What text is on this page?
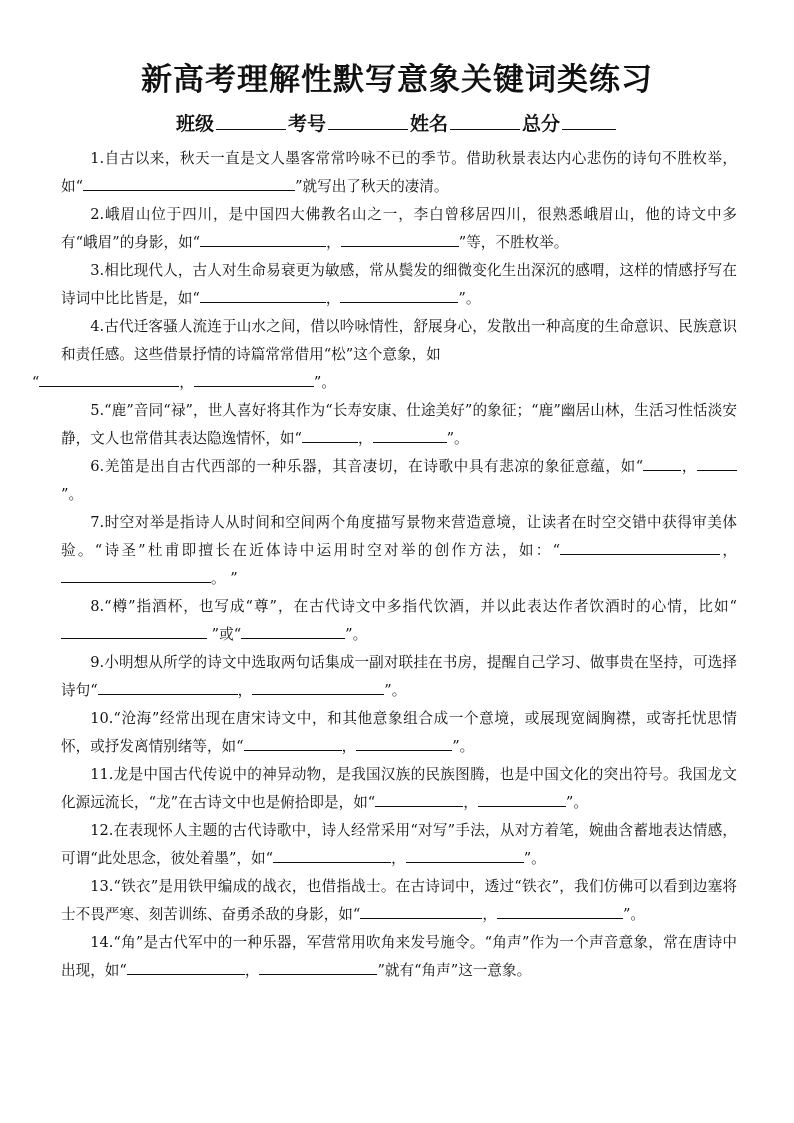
新高考理解性默写意象关键词类练习
班级	考号	姓名	总分

1.自古以来，秋天一直是文人墨客常常吟咏不已的季节。借助秋景表达内心悲伤的诗句不胜枚举，如“	”就写出了秋天的凄清。

2.峨眉山位于四川，是中国四大佛教名山之一，李白曾移居四川，很熟悉峨眉山，他的诗文中多有“峨眉”的身影，如“	，	”等，不胜枚举。

3.相比现代人，古人对生命易衰更为敏感，常从鬓发的细微变化生出深沉的感喟，这样的情感抒写在诗词中比比皆是，如“	，	”。

4.古代迁客骚人流连于山水之间，借以吟咏情性，舒展身心，发散出一种高度的生命意识、民族意识和责任感。这些借景抒情的诗篇常常借用“松”这个意象，如
“	，	”。

5.“鹿”音同“禄”，世人喜好将其作为“长寿安康、仕途美好”的象征；“鹿”幽居山林，生活习性恬淡安静，文人也常借其表达隐逸情怀，如“	，	”。

6.羌笛是出自古代西部的一种乐器，其音凄切，在诗歌中具有悲凉的象征意蕴，如“	，”。

7.时空对举是指诗人从时间和空间两个角度描写景物来营造意境，让读者在时空交错中获得审美体验。“诗圣”杜甫即擅长在近体诗中运用时空对举的创作方法，如：“	，。 ”

8.“樽”指酒杯，也写成“尊”，在古代诗文中多指代饮酒，并以此表达作者饮酒时的心情，比如“ ”或“	”。

9.小明想从所学的诗文中选取两句话集成一副对联挂在书房，提醒自己学习、做事贵在坚持，可选择诗句“	，	”。

10.“沧海”经常出现在唐宋诗文中，和其他意象组合成一个意境，或展现宽阔胸襟，或寄托忧思情怀，或抒发离情别绪等，如“	，	”。

11.龙是中国古代传说中的神异动物，是我国汉族的民族图腾，也是中国文化的突出符号。我国龙文化源远流长，“龙”在古诗文中也是俯拾即是，如“	，	”。

12.在表现怀人主题的古代诗歌中，诗人经常采用“对写”手法，从对方着笔，婉曲含蓄地表达情感，可谓“此处思念，彼处着墨”，如“	，	”。

13.“铁衣”是用铁甲编成的战衣，也借指战士。在古诗词中，透过“铁衣”，我们仿佛可以看到边塞将士不畏严寒、刻苦训练、奋勇杀敌的身影，如“	，	”。

14.“角”是古代军中的一种乐器，军营常用吹角来发号施令。“角声”作为一个声音意象，常在唐诗中出现，如“	，	”就有“角声”这一意象。
